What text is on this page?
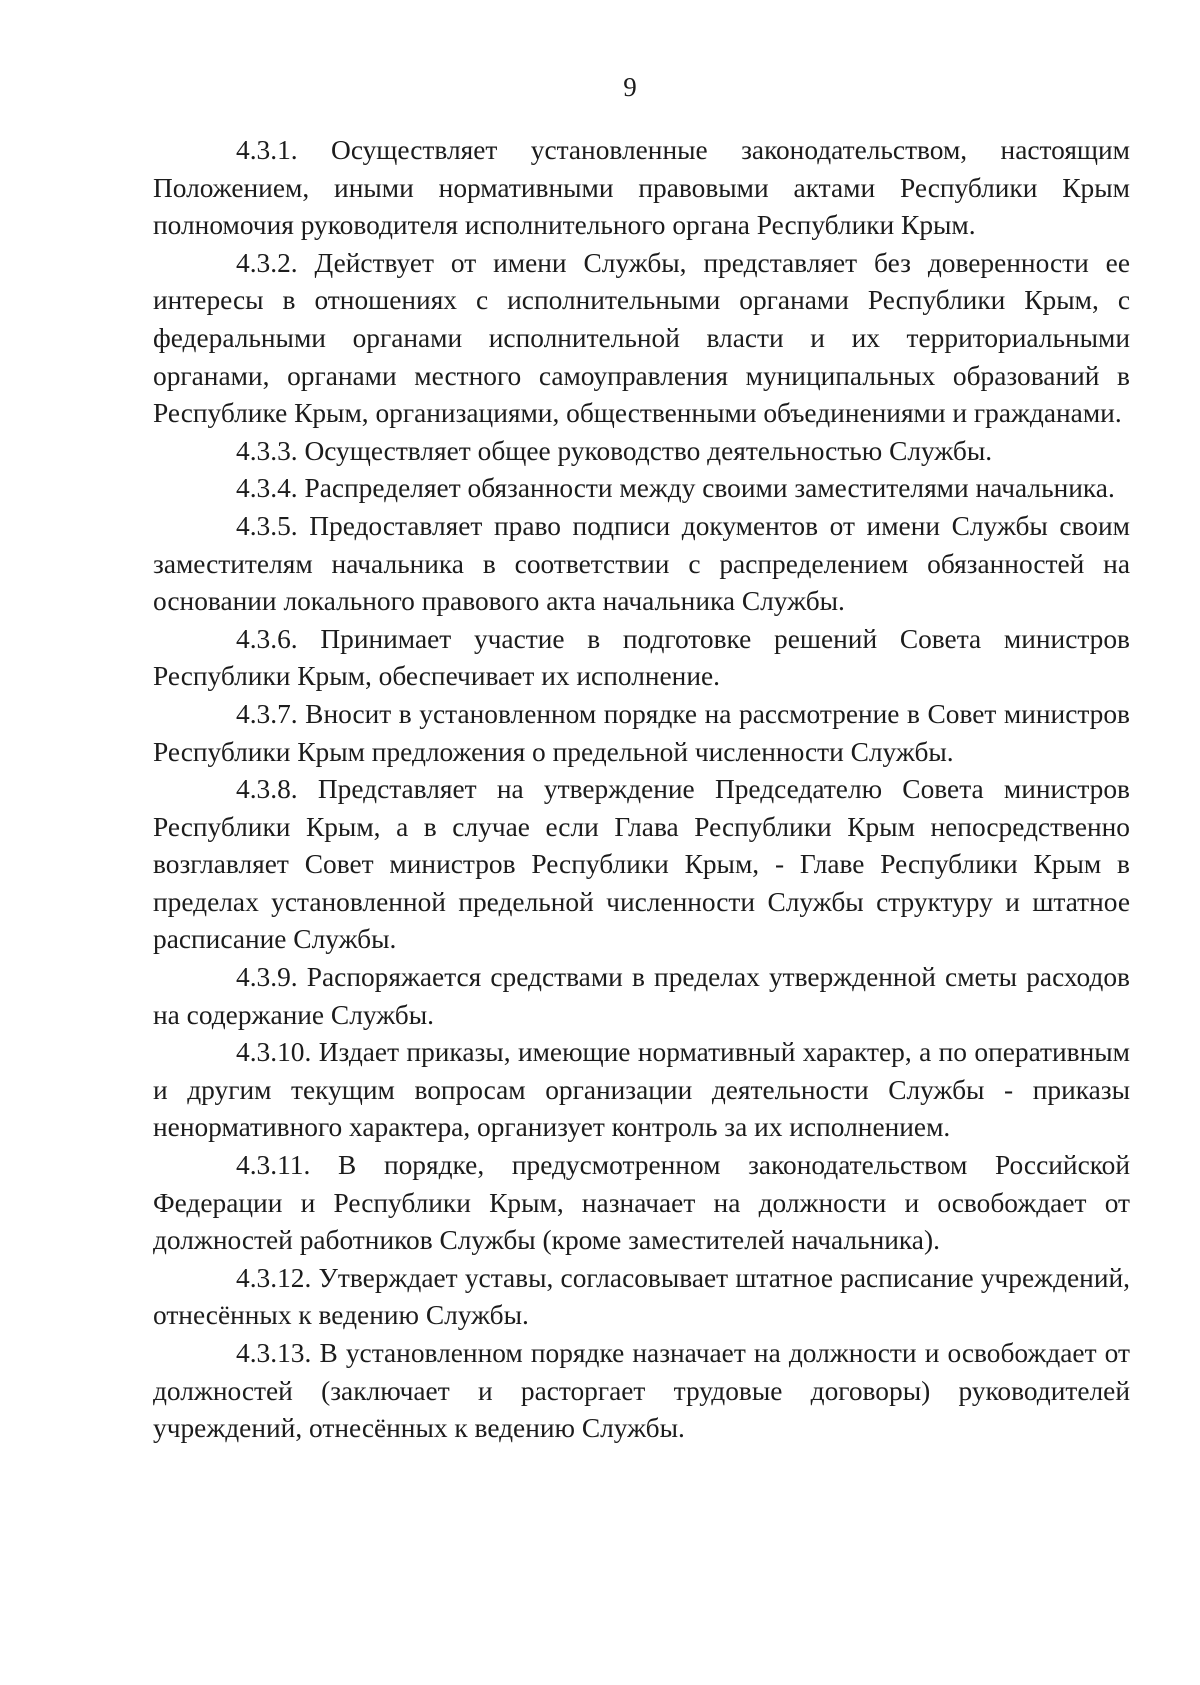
9

4.3.1. Осуществляет установленные законодательством, настоящим Положением, иными нормативными правовыми актами Республики Крым полномочия руководителя исполнительного органа Республики Крым.

4.3.2. Действует от имени Службы, представляет без доверенности ее интересы в отношениях с исполнительными органами Республики Крым, с федеральными органами исполнительной власти и их территориальными органами, органами местного самоуправления муниципальных образований в Республике Крым, организациями, общественными объединениями и гражданами.

4.3.3. Осуществляет общее руководство деятельностью Службы.

4.3.4. Распределяет обязанности между своими заместителями начальника.

4.3.5. Предоставляет право подписи документов от имени Службы своим заместителям начальника в соответствии с распределением обязанностей на основании локального правового акта начальника Службы.

4.3.6. Принимает участие в подготовке решений Совета министров Республики Крым, обеспечивает их исполнение.

4.3.7. Вносит в установленном порядке на рассмотрение в Совет министров Республики Крым предложения о предельной численности Службы.

4.3.8. Представляет на утверждение Председателю Совета министров Республики Крым, а в случае если Глава Республики Крым непосредственно возглавляет Совет министров Республики Крым, - Главе Республики Крым в пределах установленной предельной численности Службы структуру и штатное расписание Службы.

4.3.9. Распоряжается средствами в пределах утвержденной сметы расходов на содержание Службы.

4.3.10. Издает приказы, имеющие нормативный характер, а по оперативным и другим текущим вопросам организации деятельности Службы - приказы ненормативного характера, организует контроль за их исполнением.

4.3.11. В порядке, предусмотренном законодательством Российской Федерации и Республики Крым, назначает на должности и освобождает от должностей работников Службы (кроме заместителей начальника).

4.3.12. Утверждает уставы, согласовывает штатное расписание учреждений, отнесённых к ведению Службы.

4.3.13. В установленном порядке назначает на должности и освобождает от должностей (заключает и расторгает трудовые договоры) руководителей учреждений, отнесённых к ведению Службы.
